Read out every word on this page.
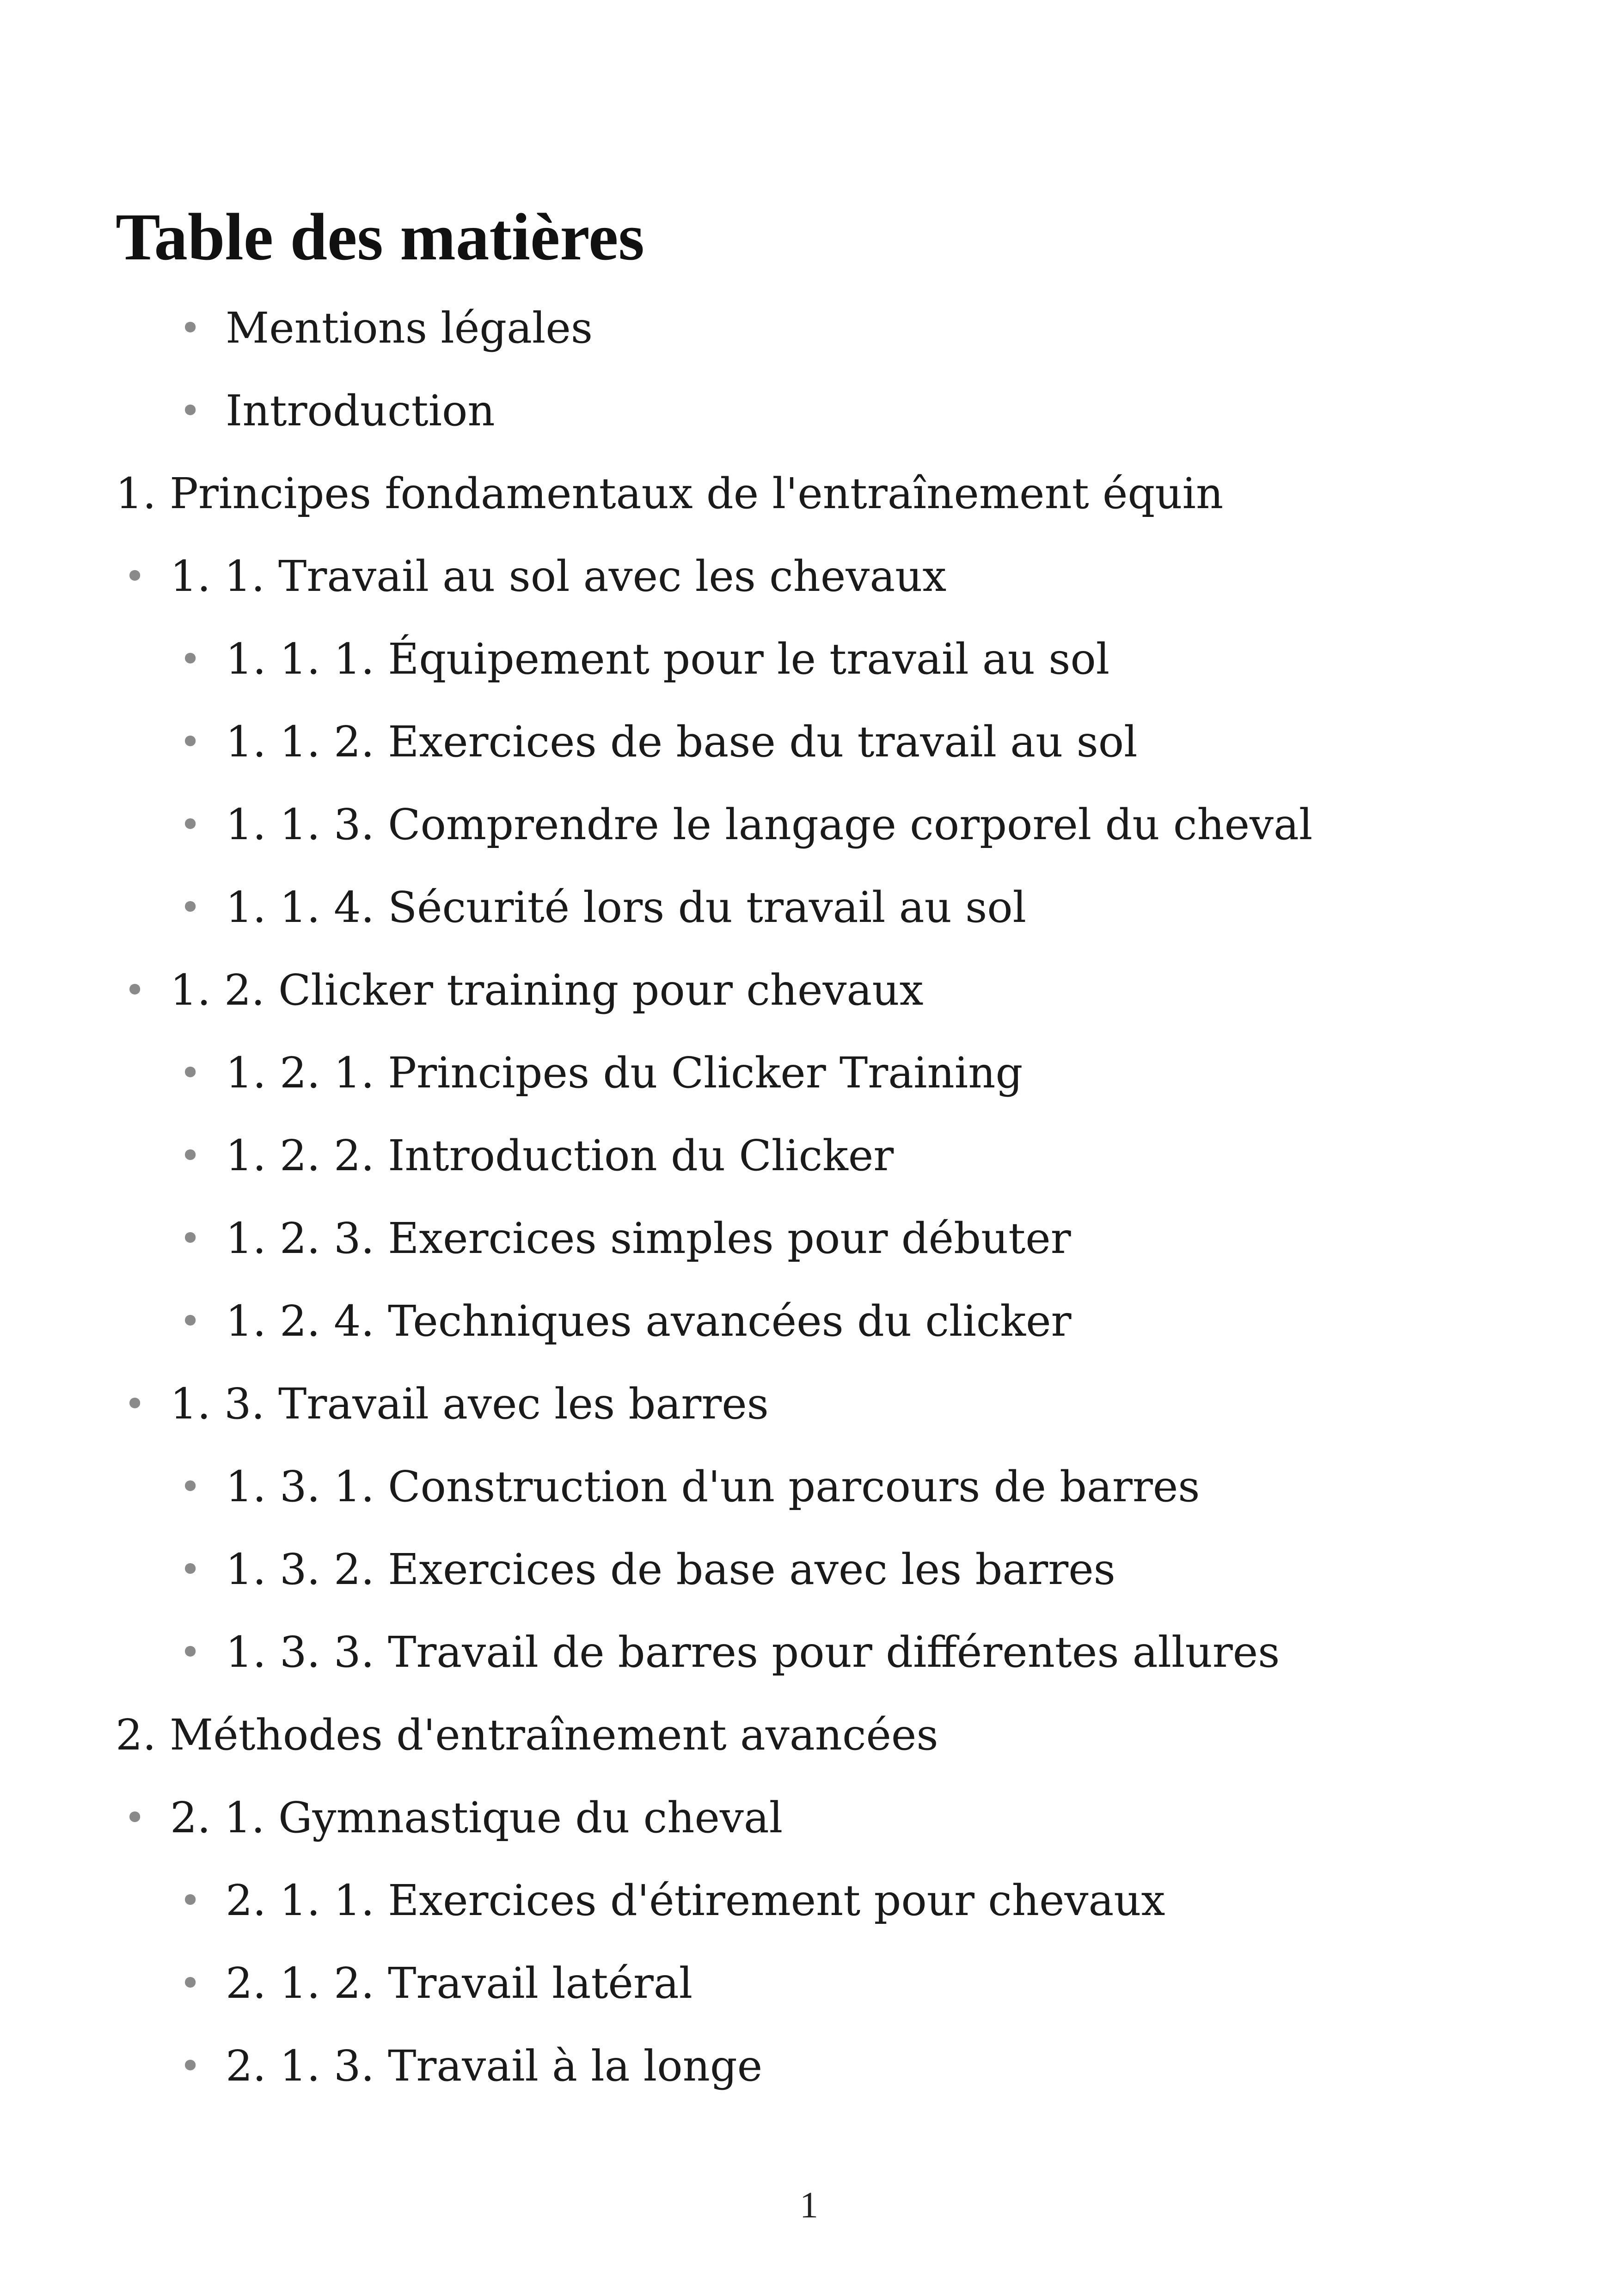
Table des matières
• Mentions légales
• Introduction
1. Principes fondamentaux de l'entraînement équin
• 1. 1. Travail au sol avec les chevaux
• 1. 1. 1. Équipement pour le travail au sol
• 1. 1. 2. Exercices de base du travail au sol
• 1. 1. 3. Comprendre le langage corporel du cheval
• 1. 1. 4. Sécurité lors du travail au sol
• 1. 2. Clicker training pour chevaux
• 1. 2. 1. Principes du Clicker Training
• 1. 2. 2. Introduction du Clicker
• 1. 2. 3. Exercices simples pour débuter
• 1. 2. 4. Techniques avancées du clicker
• 1. 3. Travail avec les barres
• 1. 3. 1. Construction d'un parcours de barres
• 1. 3. 2. Exercices de base avec les barres
• 1. 3. 3. Travail de barres pour différentes allures
2. Méthodes d'entraînement avancées
• 2. 1. Gymnastique du cheval
• 2. 1. 1. Exercices d'étirement pour chevaux
• 2. 1. 2. Travail latéral
• 2. 1. 3. Travail à la longe
1
